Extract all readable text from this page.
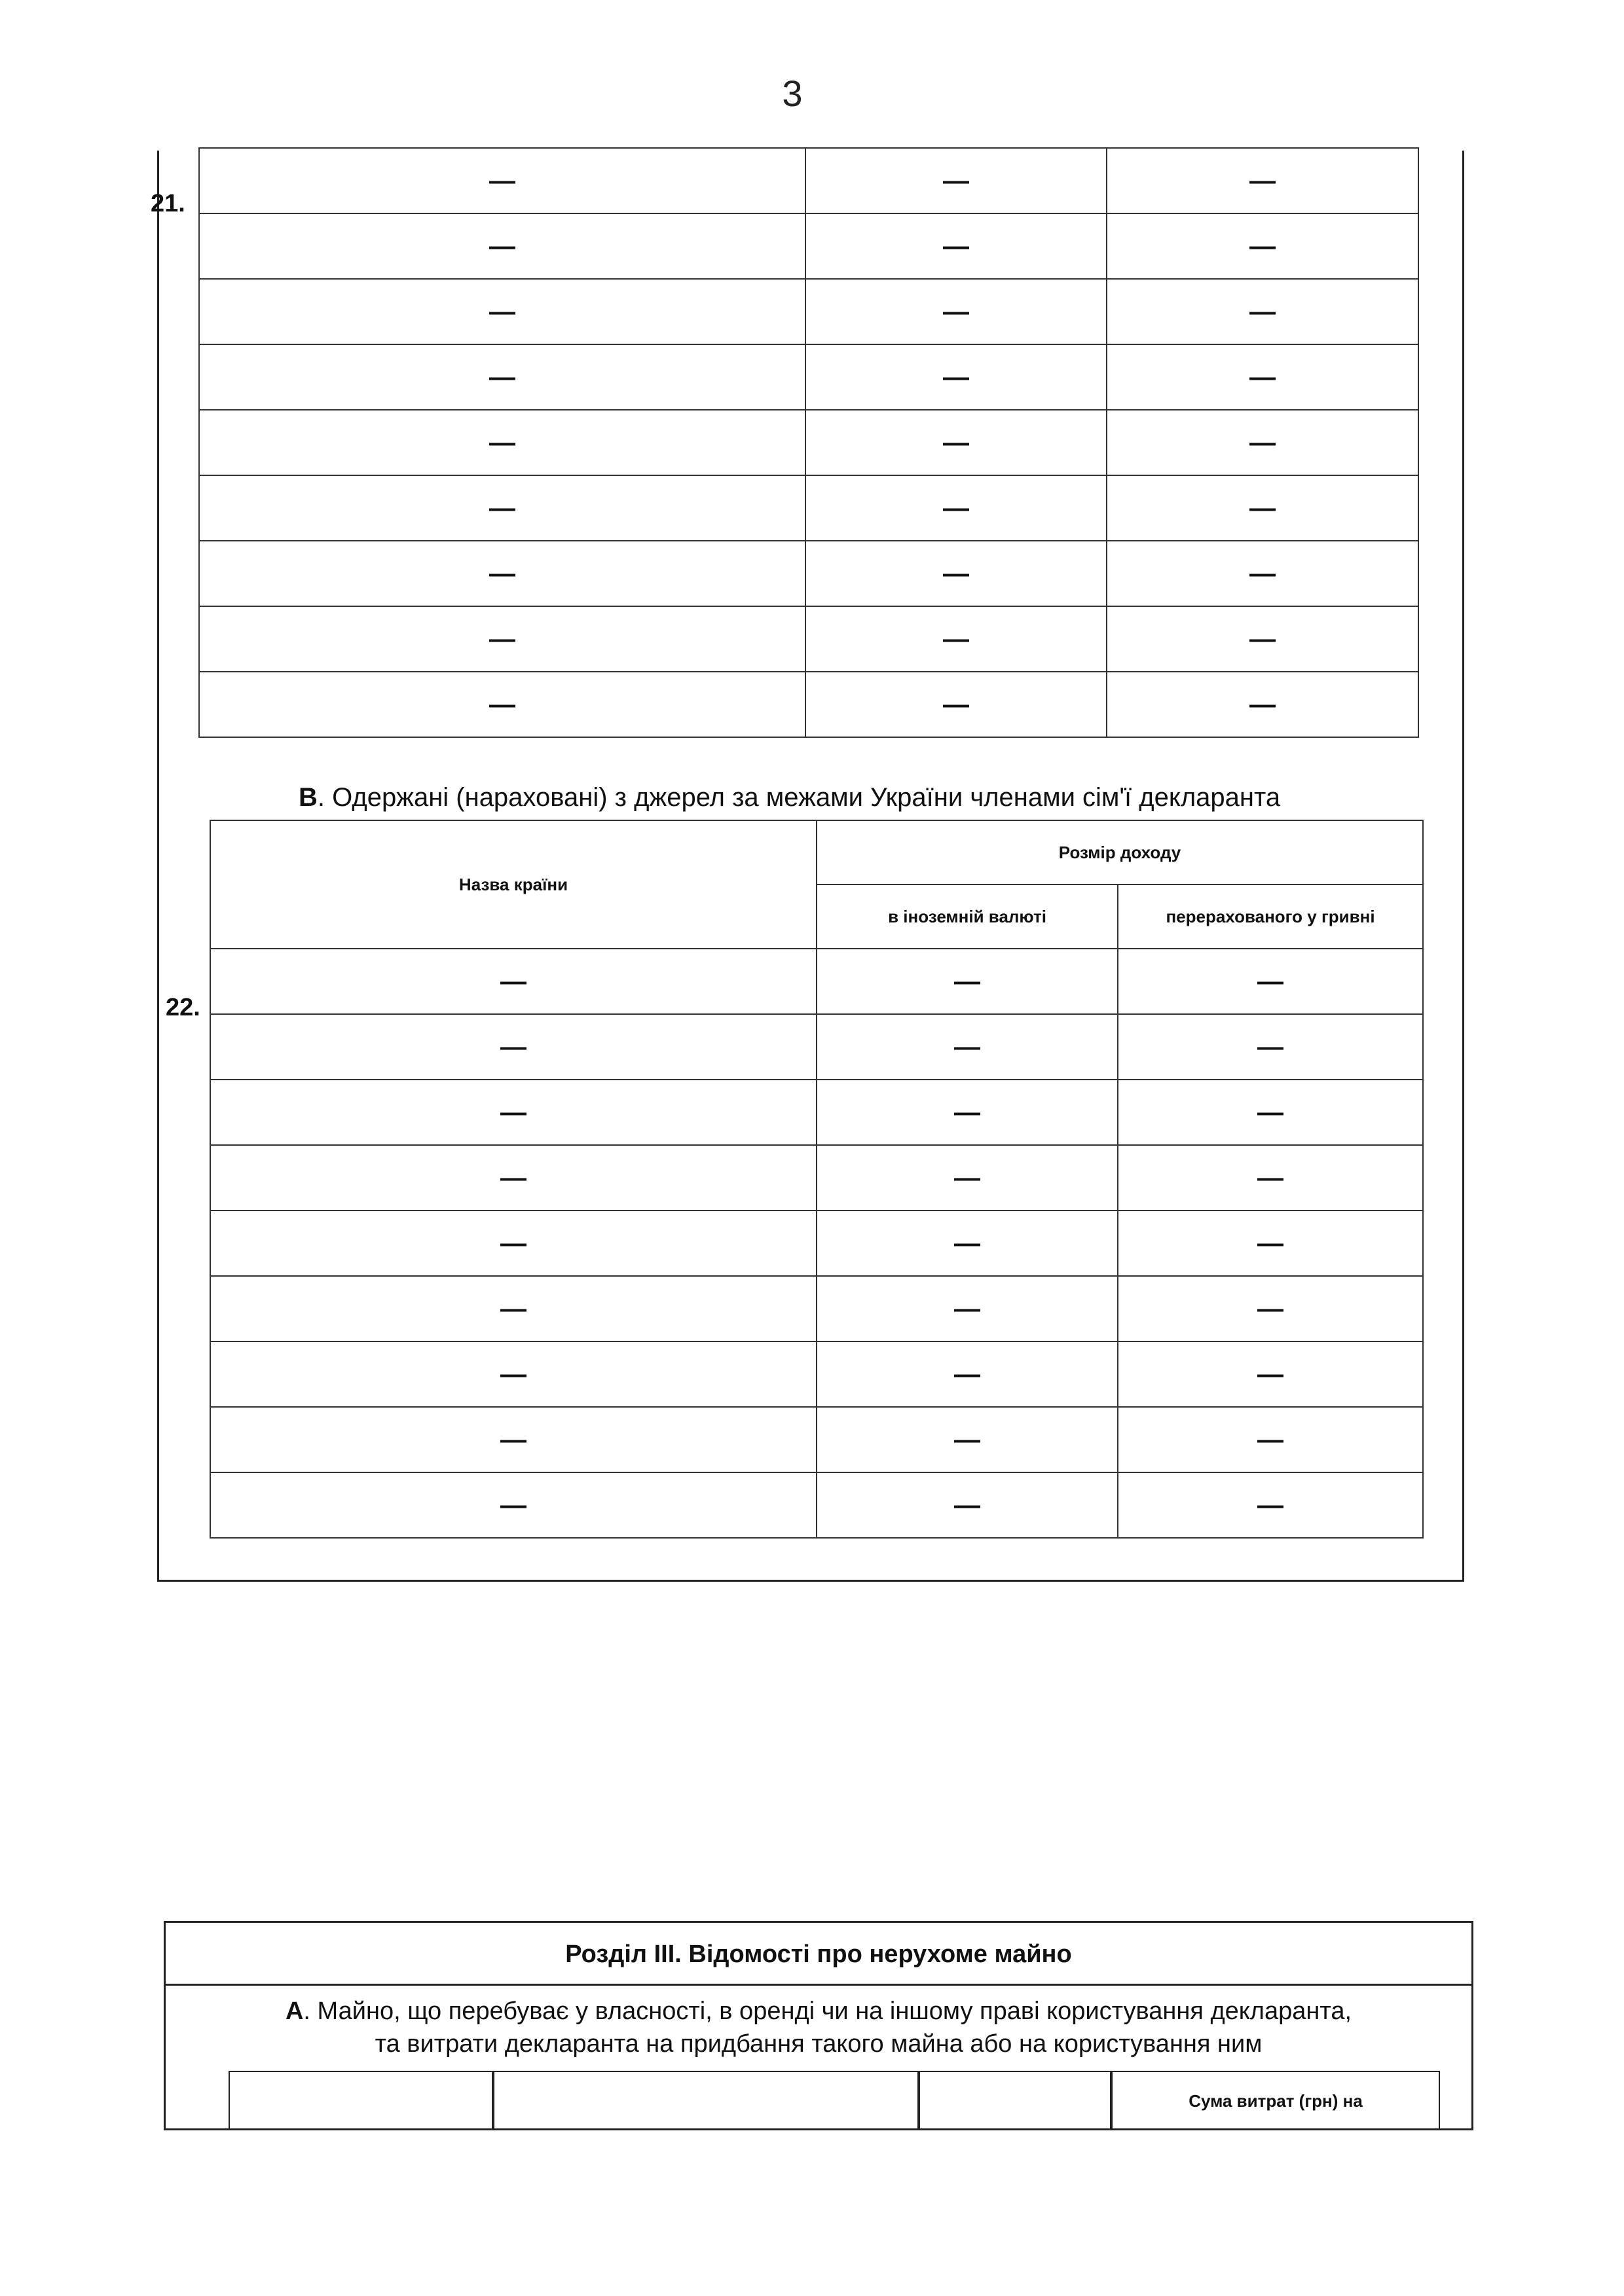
3
21.
—	—	—
—	—	—
—	—	—
—	—	—
—	—	—
—	—	—
—	—	—
—	—	—
—	—	—
В. Одержані (нараховані) з джерел за межами України членами сім'ї декларанта
22.
Назва країни	Розмір доходу	
	в іноземній валюті	перерахованого у гривні
—	—	—
—	—	—
—	—	—
—	—	—
—	—	—
—	—	—
—	—	—
—	—	—
—	—	—
Розділ III. Відомості про нерухоме майно
А. Майно, що перебуває у власності, в оренді чи на іншому праві користування декларанта,
та витрати декларанта на придбання такого майна або на користування ним
Сума витрат (грн) на
